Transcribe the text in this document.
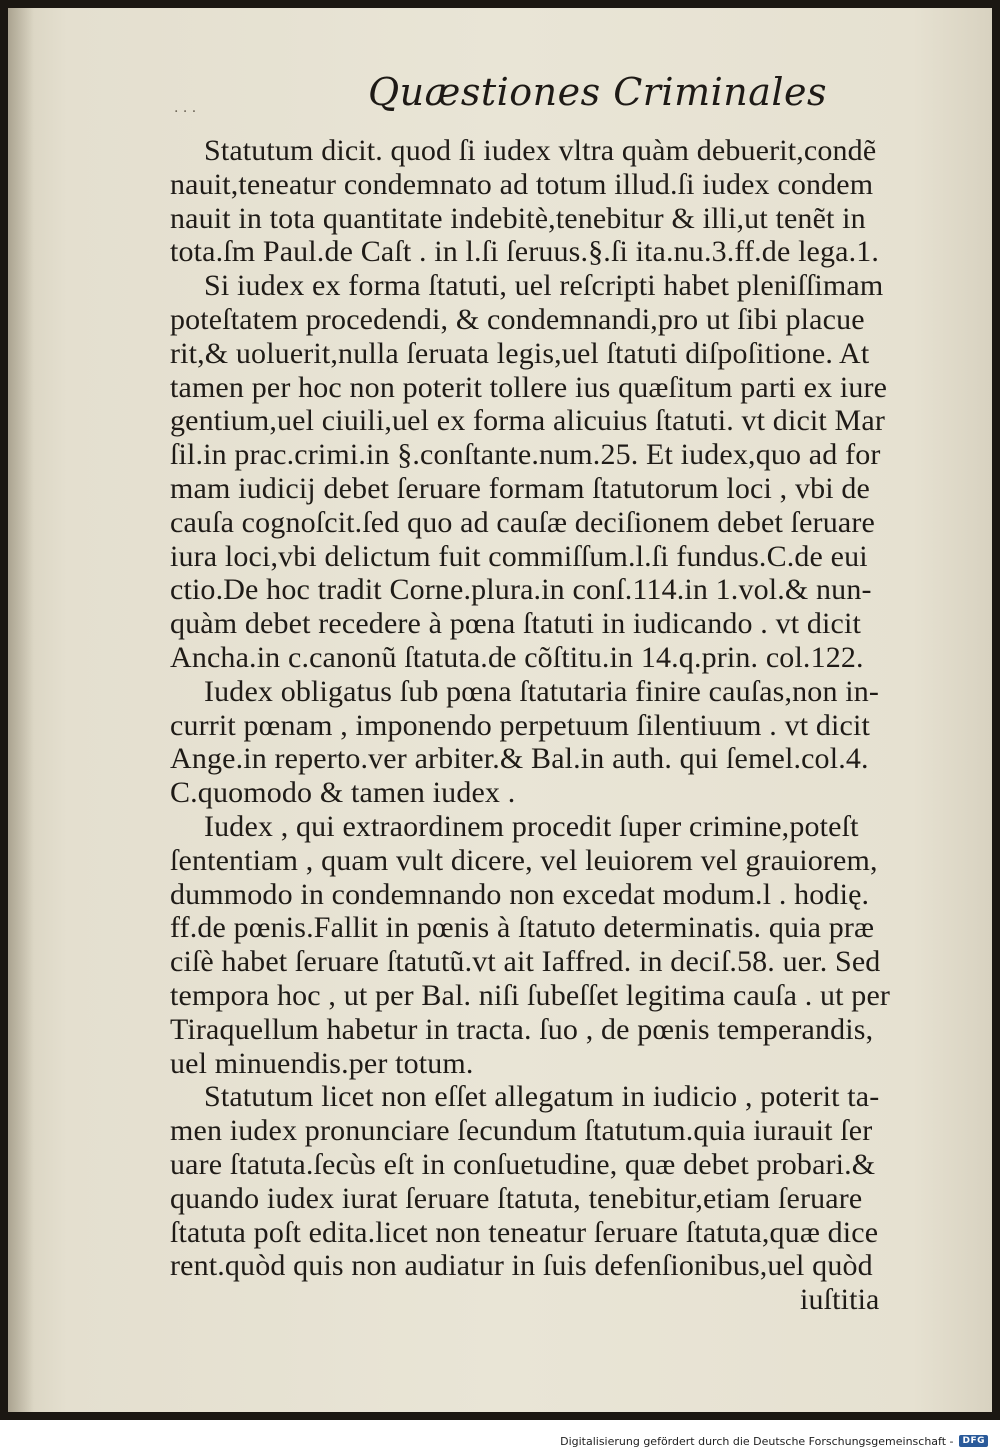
· · ·	Quæstiones Criminales
Statutum dicit. quod ſi iudex vltra quàm debuerit,condẽ
nauit,teneatur condemnato ad totum illud.ſi iudex condem
nauit in tota quantitate indebitè,tenebitur & illi,ut tenẽt in
tota.ſm Paul.de Caſt . in l.ſi ſeruus.§.ſi ita.nu.3.ff.de lega.1.
Si iudex ex forma ſtatuti, uel reſcripti habet pleniſſimam
poteſtatem procedendi, & condemnandi,pro ut ſibi placue
rit,& uoluerit,nulla ſeruata legis,uel ſtatuti diſpoſitione. At
tamen per hoc non poterit tollere ius quæſitum parti ex iure
gentium,uel ciuili,uel ex forma alicuius ſtatuti. vt dicit Mar
ſil.in prac.crimi.in §.conſtante.num.25. Et iudex,quo ad for
mam iudicij debet ſeruare formam ſtatutorum loci , vbi de
cauſa cognoſcit.ſed quo ad cauſæ deciſionem debet ſeruare
iura loci,vbi delictum fuit commiſſum.l.ſi fundus.C.de eui
ctio.De hoc tradit Corne.plura.in conſ.114.in 1.vol.& nun-
quàm debet recedere à pœna ſtatuti in iudicando . vt dicit
Ancha.in c.canonũ ſtatuta.de cõſtitu.in 14.q.prin. col.122.
Iudex obligatus ſub pœna ſtatutaria finire cauſas,non in-
currit pœnam , imponendo perpetuum ſilentiuum . vt dicit
Ange.in reperto.ver arbiter.& Bal.in auth. qui ſemel.col.4.
C.quomodo & tamen iudex .
Iudex , qui extraordinem procedit ſuper crimine,poteſt
ſententiam , quam vult dicere, vel leuiorem vel grauiorem,
dummodo in condemnando non excedat modum.l . hodię.
ff.de pœnis.Fallit in pœnis à ſtatuto determinatis. quia præ
ciſè habet ſeruare ſtatutũ.vt ait Iaffred. in deciſ.58. uer. Sed
tempora hoc , ut per Bal. niſi ſubeſſet legitima cauſa . ut per
Tiraquellum habetur in tracta. ſuo , de pœnis temperandis,
uel minuendis.per totum.
Statutum licet non eſſet allegatum in iudicio , poterit ta-
men iudex pronunciare ſecundum ſtatutum.quia iurauit ſer
uare ſtatuta.ſecùs eſt in conſuetudine, quæ debet probari.&
quando iudex iurat ſeruare ſtatuta, tenebitur,etiam ſeruare
ſtatuta poſt edita.licet non teneatur ſeruare ſtatuta,quæ dice
rent.quòd quis non audiatur in ſuis defenſionibus,uel quòd
iuſtitia
Digitalisierung gefördert durch die Deutsche Forschungsgemeinschaft -	DFG
